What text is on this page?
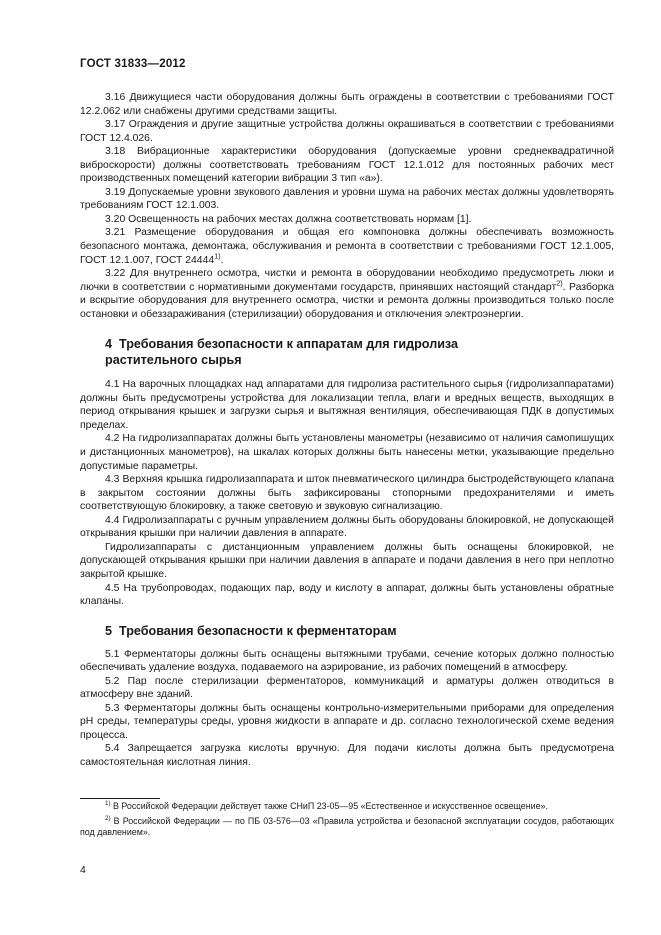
ГОСТ 31833—2012

3.16 Движущиеся части оборудования должны быть ограждены в соответствии с требованиями ГОСТ 12.2.062 или снабжены другими средствами защиты.

3.17 Ограждения и другие защитные устройства должны окрашиваться в соответствии с требованиями ГОСТ 12.4.026.

3.18 Вибрационные характеристики оборудования (допускаемые уровни среднеквадратичной виброскорости) должны соответствовать требованиям ГОСТ 12.1.012 для постоянных рабочих мест производственных помещений категории вибрации 3 тип «а»).

3.19 Допускаемые уровни звукового давления и уровни шума на рабочих местах должны удовлетворять требованиям ГОСТ 12.1.003.

3.20 Освещенность на рабочих местах должна соответствовать нормам [1].

3.21 Размещение оборудования и общая его компоновка должны обеспечивать возможность безопасного монтажа, демонтажа, обслуживания и ремонта в соответствии с требованиями ГОСТ 12.1.005, ГОСТ 12.1.007, ГОСТ 24444$^{1)}$.

3.22 Для внутреннего осмотра, чистки и ремонта в оборудовании необходимо предусмотреть люки и лючки в соответствии с нормативными документами государств, принявших настоящий стандарт$^{2)}$. Разборка и вскрытие оборудования для внутреннего осмотра, чистки и ремонта должны производиться только после остановки и обеззараживания (стерилизации) оборудования и отключения электроэнергии.

4 Требования безопасности к аппаратам для гидролиза
растительного сырья

4.1 На варочных площадках над аппаратами для гидролиза растительного сырья (гидролизаппаратами) должны быть предусмотрены устройства для локализации тепла, влаги и вредных веществ, выходящих в период открывания крышек и загрузки сырья и вытяжная вентиляция, обеспечивающая ПДК в допустимых пределах.

4.2 На гидролизаппаратах должны быть установлены манометры (независимо от наличия самопишущих и дистанционных манометров), на шкалах которых должны быть нанесены метки, указывающие предельно допустимые параметры.

4.3 Верхняя крышка гидролизаппарата и шток пневматического цилиндра быстродействующего клапана в закрытом состоянии должны быть зафиксированы стопорными предохранителями и иметь соответствующую блокировку, а также световую и звуковую сигнализацию.

4.4 Гидролизаппараты с ручным управлением должны быть оборудованы блокировкой, не допускающей открывания крышки при наличии давления в аппарате.

Гидролизаппараты с дистанционным управлением должны быть оснащены блокировкой, не допускающей открывания крышки при наличии давления в аппарате и подачи давления в него при неплотно закрытой крышке.

4.5 На трубопроводах, подающих пар, воду и кислоту в аппарат, должны быть установлены обратные клапаны.

5 Требования безопасности к ферментаторам

5.1 Ферментаторы должны быть оснащены вытяжными трубами, сечение которых должно полностью обеспечивать удаление воздуха, подаваемого на аэрирование, из рабочих помещений в атмосферу.

5.2 Пар после стерилизации ферментаторов, коммуникаций и арматуры должен отводиться в атмосферу вне зданий.

5.3 Ферментаторы должны быть оснащены контрольно-измерительными приборами для определения pH среды, температуры среды, уровня жидкости в аппарате и др. согласно технологической схеме ведения процесса.

5.4 Запрещается загрузка кислоты вручную. Для подачи кислоты должна быть предусмотрена самостоятельная кислотная линия.

$^{1)}$ В Российской Федерации действует также СНиП 23-05—95 «Естественное и искусственное освещение».

$^{2)}$ В Российской Федерации — по ПБ 03-576—03 «Правила устройства и безопасной эксплуатации сосудов, работающих под давлением».

4
